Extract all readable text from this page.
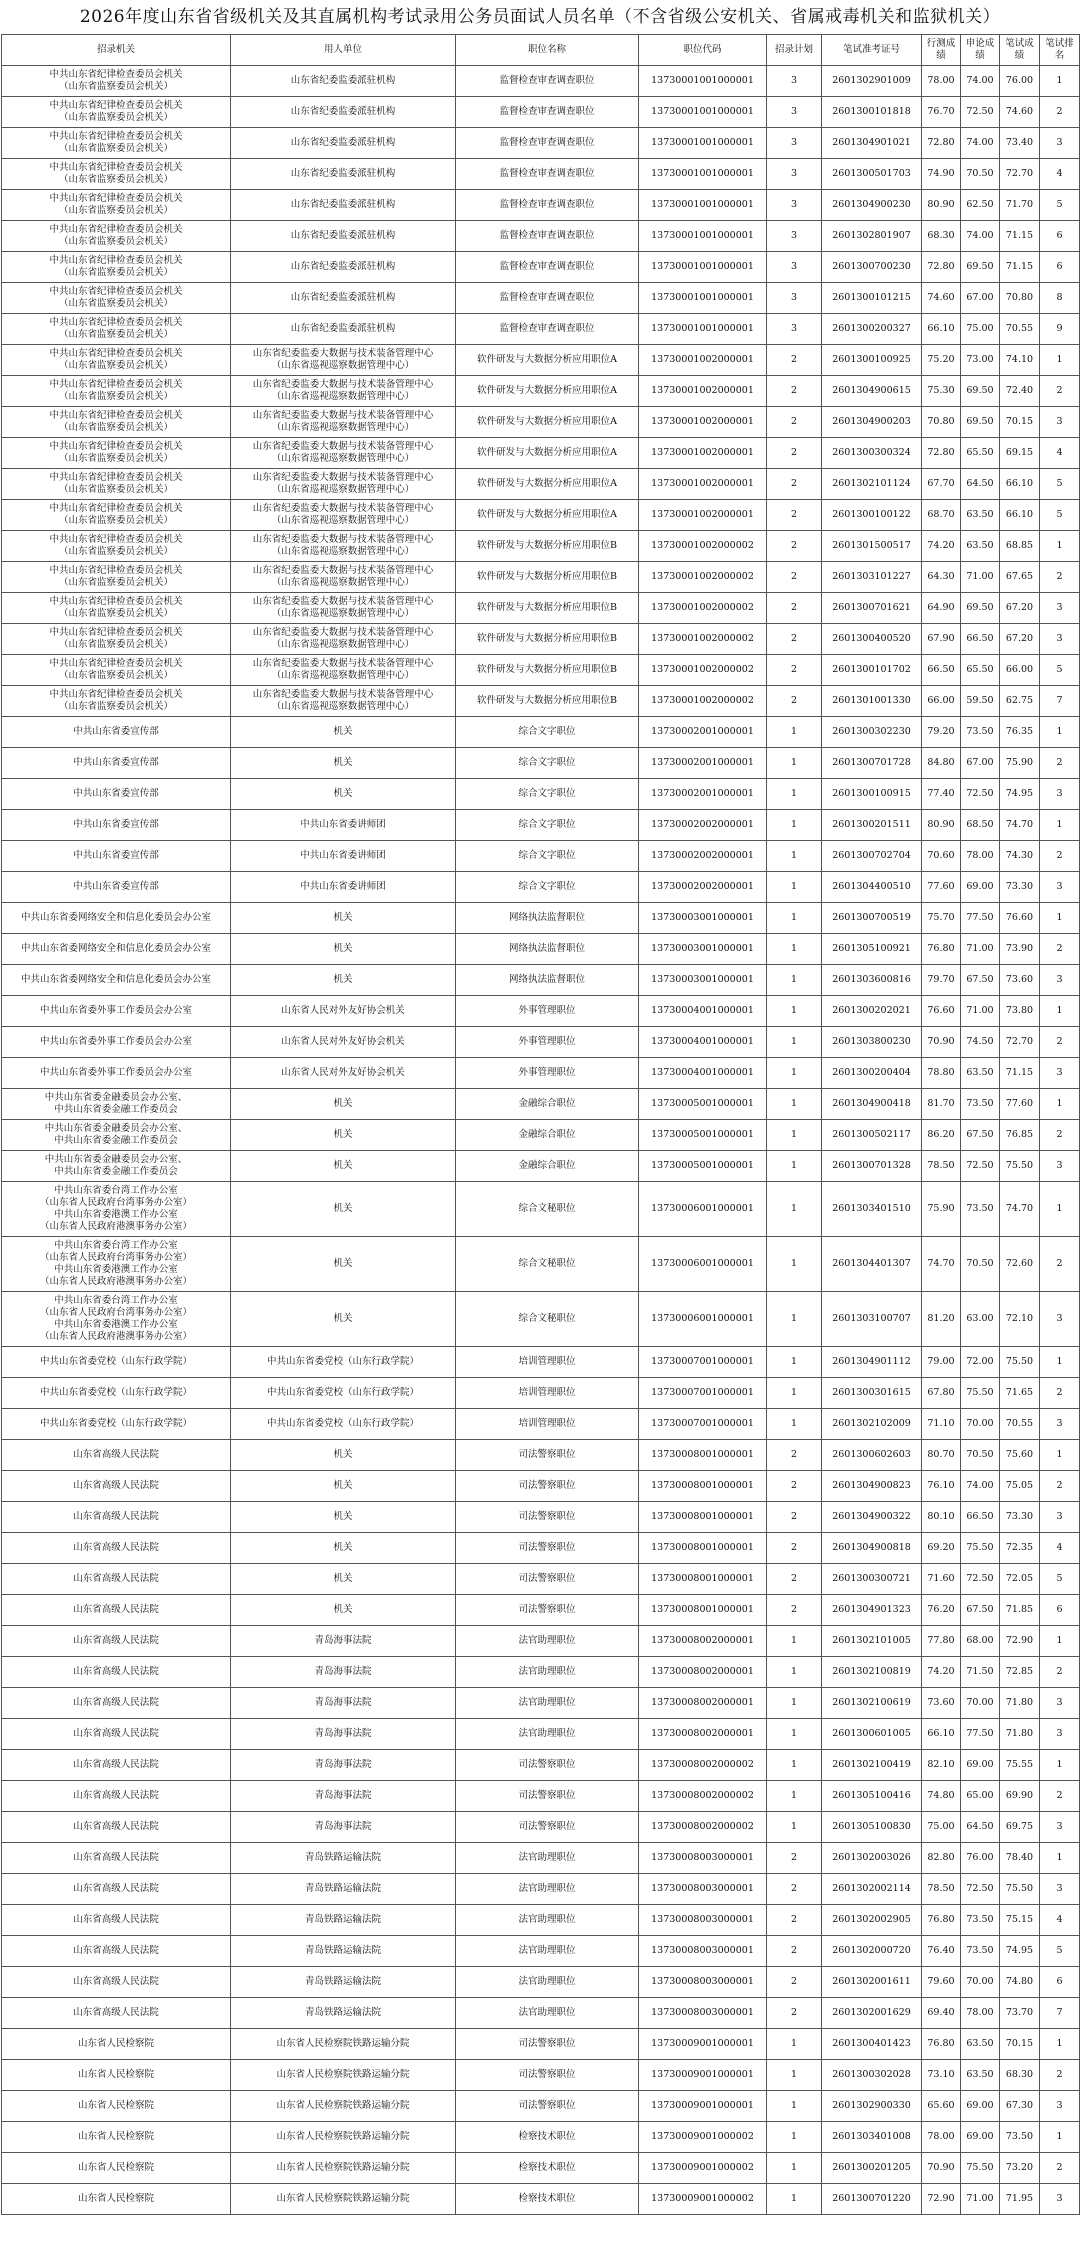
2026年度山东省省级机关及其直属机构考试录用公务员面试人员名单（不含省级公安机关、省属戒毒机关和监狱机关）
招录机关	用人单位	职位名称	职位代码	招录计划	笔试准考证号	行测成绩	申论成绩	笔试成绩	笔试排名
中共山东省纪律检查委员会机关
（山东省监察委员会机关）	山东省纪委监委派驻机构	监督检查审查调查职位	13730001001000001	3	2601302901009	78.00	74.00	76.00	1
中共山东省纪律检查委员会机关
（山东省监察委员会机关）	山东省纪委监委派驻机构	监督检查审查调查职位	13730001001000001	3	2601300101818	76.70	72.50	74.60	2
中共山东省纪律检查委员会机关
（山东省监察委员会机关）	山东省纪委监委派驻机构	监督检查审查调查职位	13730001001000001	3	2601304901021	72.80	74.00	73.40	3
中共山东省纪律检查委员会机关
（山东省监察委员会机关）	山东省纪委监委派驻机构	监督检查审查调查职位	13730001001000001	3	2601300501703	74.90	70.50	72.70	4
中共山东省纪律检查委员会机关
（山东省监察委员会机关）	山东省纪委监委派驻机构	监督检查审查调查职位	13730001001000001	3	2601304900230	80.90	62.50	71.70	5
中共山东省纪律检查委员会机关
（山东省监察委员会机关）	山东省纪委监委派驻机构	监督检查审查调查职位	13730001001000001	3	2601302801907	68.30	74.00	71.15	6
中共山东省纪律检查委员会机关
（山东省监察委员会机关）	山东省纪委监委派驻机构	监督检查审查调查职位	13730001001000001	3	2601300700230	72.80	69.50	71.15	6
中共山东省纪律检查委员会机关
（山东省监察委员会机关）	山东省纪委监委派驻机构	监督检查审查调查职位	13730001001000001	3	2601300101215	74.60	67.00	70.80	8
中共山东省纪律检查委员会机关
（山东省监察委员会机关）	山东省纪委监委派驻机构	监督检查审查调查职位	13730001001000001	3	2601300200327	66.10	75.00	70.55	9
中共山东省纪律检查委员会机关
（山东省监察委员会机关）	山东省纪委监委大数据与技术装备管理中心
（山东省巡视巡察数据管理中心）	软件研发与大数据分析应用职位A	13730001002000001	2	2601300100925	75.20	73.00	74.10	1
中共山东省纪律检查委员会机关
（山东省监察委员会机关）	山东省纪委监委大数据与技术装备管理中心
（山东省巡视巡察数据管理中心）	软件研发与大数据分析应用职位A	13730001002000001	2	2601304900615	75.30	69.50	72.40	2
中共山东省纪律检查委员会机关
（山东省监察委员会机关）	山东省纪委监委大数据与技术装备管理中心
（山东省巡视巡察数据管理中心）	软件研发与大数据分析应用职位A	13730001002000001	2	2601304900203	70.80	69.50	70.15	3
中共山东省纪律检查委员会机关
（山东省监察委员会机关）	山东省纪委监委大数据与技术装备管理中心
（山东省巡视巡察数据管理中心）	软件研发与大数据分析应用职位A	13730001002000001	2	2601300300324	72.80	65.50	69.15	4
中共山东省纪律检查委员会机关
（山东省监察委员会机关）	山东省纪委监委大数据与技术装备管理中心
（山东省巡视巡察数据管理中心）	软件研发与大数据分析应用职位A	13730001002000001	2	2601302101124	67.70	64.50	66.10	5
中共山东省纪律检查委员会机关
（山东省监察委员会机关）	山东省纪委监委大数据与技术装备管理中心
（山东省巡视巡察数据管理中心）	软件研发与大数据分析应用职位A	13730001002000001	2	2601300100122	68.70	63.50	66.10	5
中共山东省纪律检查委员会机关
（山东省监察委员会机关）	山东省纪委监委大数据与技术装备管理中心
（山东省巡视巡察数据管理中心）	软件研发与大数据分析应用职位B	13730001002000002	2	2601301500517	74.20	63.50	68.85	1
中共山东省纪律检查委员会机关
（山东省监察委员会机关）	山东省纪委监委大数据与技术装备管理中心
（山东省巡视巡察数据管理中心）	软件研发与大数据分析应用职位B	13730001002000002	2	2601303101227	64.30	71.00	67.65	2
中共山东省纪律检查委员会机关
（山东省监察委员会机关）	山东省纪委监委大数据与技术装备管理中心
（山东省巡视巡察数据管理中心）	软件研发与大数据分析应用职位B	13730001002000002	2	2601300701621	64.90	69.50	67.20	3
中共山东省纪律检查委员会机关
（山东省监察委员会机关）	山东省纪委监委大数据与技术装备管理中心
（山东省巡视巡察数据管理中心）	软件研发与大数据分析应用职位B	13730001002000002	2	2601300400520	67.90	66.50	67.20	3
中共山东省纪律检查委员会机关
（山东省监察委员会机关）	山东省纪委监委大数据与技术装备管理中心
（山东省巡视巡察数据管理中心）	软件研发与大数据分析应用职位B	13730001002000002	2	2601300101702	66.50	65.50	66.00	5
中共山东省纪律检查委员会机关
（山东省监察委员会机关）	山东省纪委监委大数据与技术装备管理中心
（山东省巡视巡察数据管理中心）	软件研发与大数据分析应用职位B	13730001002000002	2	2601301001330	66.00	59.50	62.75	7
中共山东省委宣传部	机关	综合文字职位	13730002001000001	1	2601300302230	79.20	73.50	76.35	1
中共山东省委宣传部	机关	综合文字职位	13730002001000001	1	2601300701728	84.80	67.00	75.90	2
中共山东省委宣传部	机关	综合文字职位	13730002001000001	1	2601300100915	77.40	72.50	74.95	3
中共山东省委宣传部	中共山东省委讲师团	综合文字职位	13730002002000001	1	2601300201511	80.90	68.50	74.70	1
中共山东省委宣传部	中共山东省委讲师团	综合文字职位	13730002002000001	1	2601300702704	70.60	78.00	74.30	2
中共山东省委宣传部	中共山东省委讲师团	综合文字职位	13730002002000001	1	2601304400510	77.60	69.00	73.30	3
中共山东省委网络安全和信息化委员会办公室	机关	网络执法监督职位	13730003001000001	1	2601300700519	75.70	77.50	76.60	1
中共山东省委网络安全和信息化委员会办公室	机关	网络执法监督职位	13730003001000001	1	2601305100921	76.80	71.00	73.90	2
中共山东省委网络安全和信息化委员会办公室	机关	网络执法监督职位	13730003001000001	1	2601303600816	79.70	67.50	73.60	3
中共山东省委外事工作委员会办公室	山东省人民对外友好协会机关	外事管理职位	13730004001000001	1	2601300202021	76.60	71.00	73.80	1
中共山东省委外事工作委员会办公室	山东省人民对外友好协会机关	外事管理职位	13730004001000001	1	2601303800230	70.90	74.50	72.70	2
中共山东省委外事工作委员会办公室	山东省人民对外友好协会机关	外事管理职位	13730004001000001	1	2601300200404	78.80	63.50	71.15	3
中共山东省委金融委员会办公室、
中共山东省委金融工作委员会	机关	金融综合职位	13730005001000001	1	2601304900418	81.70	73.50	77.60	1
中共山东省委金融委员会办公室、
中共山东省委金融工作委员会	机关	金融综合职位	13730005001000001	1	2601300502117	86.20	67.50	76.85	2
中共山东省委金融委员会办公室、
中共山东省委金融工作委员会	机关	金融综合职位	13730005001000001	1	2601300701328	78.50	72.50	75.50	3
中共山东省委台湾工作办公室
（山东省人民政府台湾事务办公室）
中共山东省委港澳工作办公室
（山东省人民政府港澳事务办公室）	机关	综合文秘职位	13730006001000001	1	2601303401510	75.90	73.50	74.70	1
中共山东省委台湾工作办公室
（山东省人民政府台湾事务办公室）
中共山东省委港澳工作办公室
（山东省人民政府港澳事务办公室）	机关	综合文秘职位	13730006001000001	1	2601304401307	74.70	70.50	72.60	2
中共山东省委台湾工作办公室
（山东省人民政府台湾事务办公室）
中共山东省委港澳工作办公室
（山东省人民政府港澳事务办公室）	机关	综合文秘职位	13730006001000001	1	2601303100707	81.20	63.00	72.10	3
中共山东省委党校（山东行政学院）	中共山东省委党校（山东行政学院）	培训管理职位	13730007001000001	1	2601304901112	79.00	72.00	75.50	1
中共山东省委党校（山东行政学院）	中共山东省委党校（山东行政学院）	培训管理职位	13730007001000001	1	2601300301615	67.80	75.50	71.65	2
中共山东省委党校（山东行政学院）	中共山东省委党校（山东行政学院）	培训管理职位	13730007001000001	1	2601302102009	71.10	70.00	70.55	3
山东省高级人民法院	机关	司法警察职位	13730008001000001	2	2601300602603	80.70	70.50	75.60	1
山东省高级人民法院	机关	司法警察职位	13730008001000001	2	2601304900823	76.10	74.00	75.05	2
山东省高级人民法院	机关	司法警察职位	13730008001000001	2	2601304900322	80.10	66.50	73.30	3
山东省高级人民法院	机关	司法警察职位	13730008001000001	2	2601304900818	69.20	75.50	72.35	4
山东省高级人民法院	机关	司法警察职位	13730008001000001	2	2601300300721	71.60	72.50	72.05	5
山东省高级人民法院	机关	司法警察职位	13730008001000001	2	2601304901323	76.20	67.50	71.85	6
山东省高级人民法院	青岛海事法院	法官助理职位	13730008002000001	1	2601302101005	77.80	68.00	72.90	1
山东省高级人民法院	青岛海事法院	法官助理职位	13730008002000001	1	2601302100819	74.20	71.50	72.85	2
山东省高级人民法院	青岛海事法院	法官助理职位	13730008002000001	1	2601302100619	73.60	70.00	71.80	3
山东省高级人民法院	青岛海事法院	法官助理职位	13730008002000001	1	2601300601005	66.10	77.50	71.80	3
山东省高级人民法院	青岛海事法院	司法警察职位	13730008002000002	1	2601302100419	82.10	69.00	75.55	1
山东省高级人民法院	青岛海事法院	司法警察职位	13730008002000002	1	2601305100416	74.80	65.00	69.90	2
山东省高级人民法院	青岛海事法院	司法警察职位	13730008002000002	1	2601305100830	75.00	64.50	69.75	3
山东省高级人民法院	青岛铁路运输法院	法官助理职位	13730008003000001	2	2601302003026	82.80	76.00	78.40	1
山东省高级人民法院	青岛铁路运输法院	法官助理职位	13730008003000001	2	2601302002114	78.50	72.50	75.50	3
山东省高级人民法院	青岛铁路运输法院	法官助理职位	13730008003000001	2	2601302002905	76.80	73.50	75.15	4
山东省高级人民法院	青岛铁路运输法院	法官助理职位	13730008003000001	2	2601302000720	76.40	73.50	74.95	5
山东省高级人民法院	青岛铁路运输法院	法官助理职位	13730008003000001	2	2601302001611	79.60	70.00	74.80	6
山东省高级人民法院	青岛铁路运输法院	法官助理职位	13730008003000001	2	2601302001629	69.40	78.00	73.70	7
山东省人民检察院	山东省人民检察院铁路运输分院	司法警察职位	13730009001000001	1	2601300401423	76.80	63.50	70.15	1
山东省人民检察院	山东省人民检察院铁路运输分院	司法警察职位	13730009001000001	1	2601300302028	73.10	63.50	68.30	2
山东省人民检察院	山东省人民检察院铁路运输分院	司法警察职位	13730009001000001	1	2601302900330	65.60	69.00	67.30	3
山东省人民检察院	山东省人民检察院铁路运输分院	检察技术职位	13730009001000002	1	2601303401008	78.00	69.00	73.50	1
山东省人民检察院	山东省人民检察院铁路运输分院	检察技术职位	13730009001000002	1	2601300201205	70.90	75.50	73.20	2
山东省人民检察院	山东省人民检察院铁路运输分院	检察技术职位	13730009001000002	1	2601300701220	72.90	71.00	71.95	3
